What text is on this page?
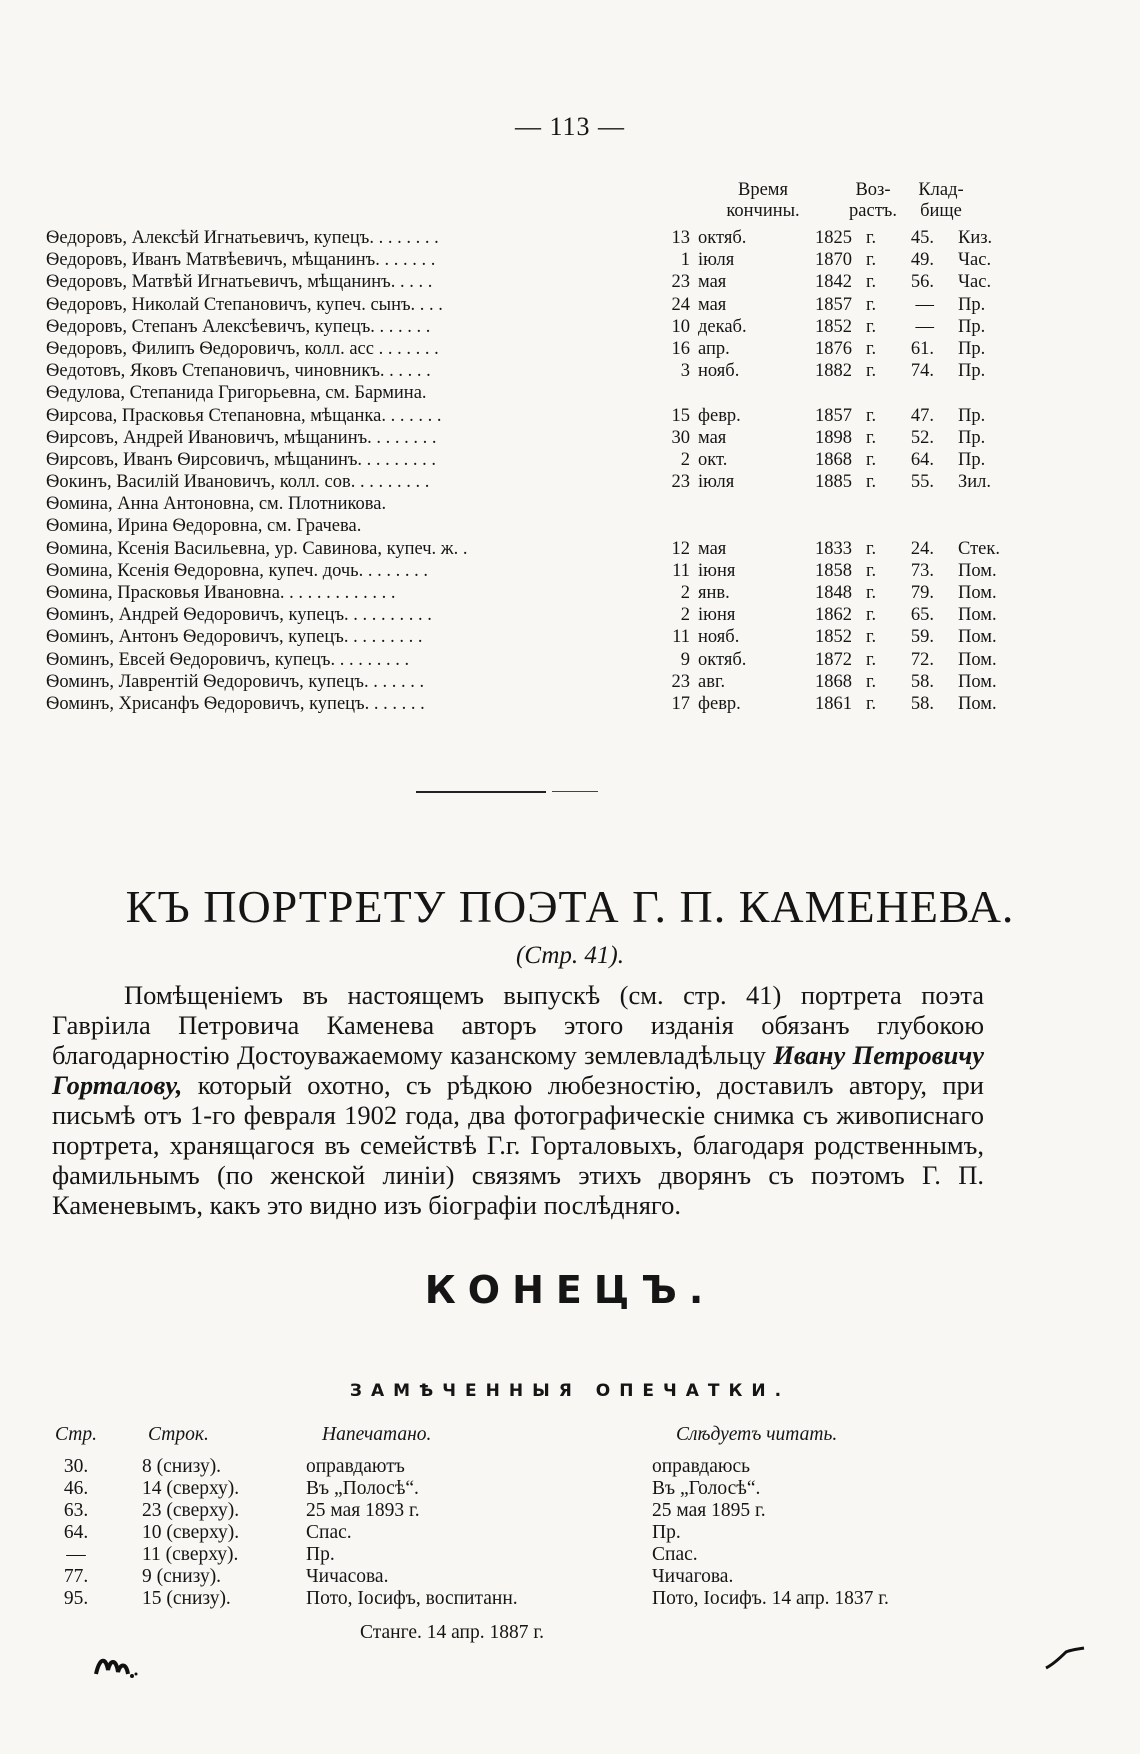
— 113 —
Время
кончины.
Воз-
растъ.
Клад-
бище
Ѳедоровъ, Алексѣй Игнатьевичъ, купецъ. . . . . . . .	13 октяб.	1825 г.	45. Киз.
Ѳедоровъ, Иванъ Матвѣевичъ, мѣщанинъ. . . . . . .	1 іюля	1870 г.	49. Час.
Ѳедоровъ, Матвѣй Игнатьевичъ, мѣщанинъ. . . . .	23 мая	1842 г.	56. Час.
Ѳедоровъ, Николай Степановичъ, купеч. сынъ. . . .	24 мая	1857 г.	— Пр.
Ѳедоровъ, Степанъ Алексѣевичъ, купецъ. . . . . . .	10 декаб.	1852 г.	— Пр.
Ѳедоровъ, Филипъ Ѳедоровичъ, колл. асс . . . . . . .	16 апр.	1876 г.	61. Пр.
Ѳедотовъ, Яковъ Степановичъ, чиновникъ. . . . . .	3 нояб.	1882 г.	74. Пр.
Ѳедулова, Степанида Григорьевна, см. Бармина.
Ѳирсова, Прасковья Степановна, мѣщанка. . . . . . .	15 февр.	1857 г.	47. Пр.
Ѳирсовъ, Андрей Ивановичъ, мѣщанинъ. . . . . . . .	30 мая	1898 г.	52. Пр.
Ѳирсовъ, Иванъ Ѳирсовичъ, мѣщанинъ. . . . . . . . .	2 окт.	1868 г.	64. Пр.
Ѳокинъ, Василій Ивановичъ, колл. сов. . . . . . . . .	23 іюля	1885 г.	55. Зил.
Ѳомина, Анна Антоновна, см. Плотникова.
Ѳомина, Ирина Ѳедоровна, см. Грачева.
Ѳомина, Ксенія Васильевна, ур. Савинова, купеч. ж. .	12 мая	1833 г.	24. Стек.
Ѳомина, Ксенія Ѳедоровна, купеч. дочь. . . . . . . .	11 іюня	1858 г.	73. Пом.
Ѳомина, Прасковья Ивановна. . . . . . . . . . . . .	2 янв.	1848 г.	79. Пом.
Ѳоминъ, Андрей Ѳедоровичъ, купецъ. . . . . . . . . .	2 іюня	1862 г.	65. Пом.
Ѳоминъ, Антонъ Ѳедоровичъ, купецъ. . . . . . . . .	11 нояб.	1852 г.	59. Пом.
Ѳоминъ, Евсей Ѳедоровичъ, купецъ. . . . . . . . .	9 октяб.	1872 г.	72. Пом.
Ѳоминъ, Лаврентій Ѳедоровичъ, купецъ. . . . . . .	23 авг.	1868 г.	58. Пом.
Ѳоминъ, Хрисанфъ Ѳедоровичъ, купецъ. . . . . . .	17 февр.	1861 г.	58. Пом.
КЪ ПОРТРЕТУ ПОЭТА Г. П. КАМЕНЕВА.
(Стр. 41).

Помѣщеніемъ въ настоящемъ выпускѣ (см. стр. 41) портрета поэта Гавріила Петровича Каменева авторъ этого изданія обязанъ глубокою благодарностію Достоуважаемому казанскому землевладѣльцу Ивану Петровичу Горталову, который охотно, съ рѣдкою любезностію, доставилъ автору, при письмѣ отъ 1-го февраля 1902 года, два фотографическіе снимка съ живописнаго портрета, хранящагося въ семействѣ Г.г. Горталовыхъ, благодаря родственнымъ, фамильнымъ (по женской линіи) связямъ этихъ дворянъ съ поэтомъ Г. П. Каменевымъ, какъ это видно изъ біографіи послѣдняго.

КОНЕЦЪ.
ЗАМѢЧЕННЫЯ ОПЕЧАТКИ.
Стр.	Строк.	Напечатано.	Слѣдуетъ читать.
30.	8 (снизу).	оправдаютъ	оправдаюсь
46.	14 (сверху).	Въ „Полосѣ“.	Въ „Голосѣ“.
63.	23 (сверху).	25 мая 1893 г.	25 мая 1895 г.
64.	10 (сверху).	Спас.	Пр.
—	11 (сверху).	Пр.	Спас.
77.	9 (снизу).	Чичасова.	Чичагова.
95.	15 (снизу).	Пото, Іосифъ, воспитанн.	Пото, Іосифъ. 14 апр. 1837 г.
Станге. 14 апр. 1887 г.
